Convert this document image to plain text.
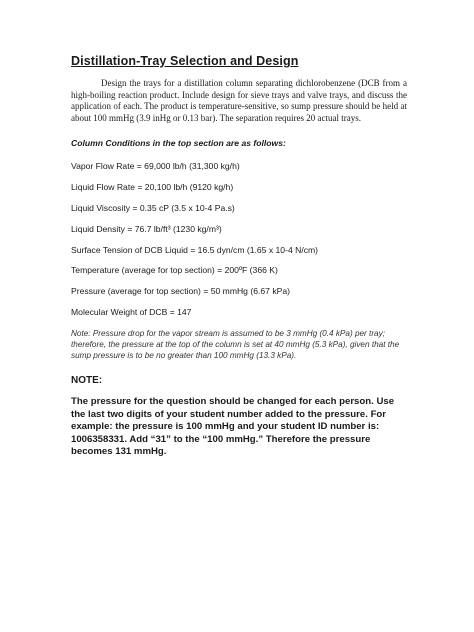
Distillation-Tray Selection and Design

Design the trays for a distillation column separating dichlorobenzene (DCB from a high-boiling reaction product. Include design for sieve trays and valve trays, and discuss the application of each. The product is temperature-sensitive, so sump pressure should be held at about 100 mmHg (3.9 inHg or 0.13 bar). The separation requires 20 actual trays.

Column Conditions in the top section are as follows:
Vapor Flow Rate = 69,000 lb/h (31,300 kg/h)
Liquid Flow Rate = 20,100 lb/h (9120 kg/h)
Liquid Viscosity = 0.35 cP (3.5 x 10-4 Pa.s)
Liquid Density = 76.7 lb/ft³ (1230 kg/m³)
Surface Tension of DCB Liquid = 16.5 dyn/cm (1.65 x 10-4 N/cm)
Temperature (average for top section) = 200ºF (366 K)
Pressure (average for top section) = 50 mmHg (6.67 kPa)
Molecular Weight of DCB = 147

Note: Pressure drop for the vapor stream is assumed to be 3 mmHg (0.4 kPa) per tray; therefore, the pressure at the top of the column is set at 40 mmHg (5.3 kPa), given that the sump pressure is to be no greater than 100 mmHg (13.3 kPa).

NOTE:

The pressure for the question should be changed for each person. Use the last two digits of your student number added to the pressure. For example: the pressure is 100 mmHg and your student ID number is: 1006358331. Add “31” to the “100 mmHg.” Therefore the pressure becomes 131 mmHg.
